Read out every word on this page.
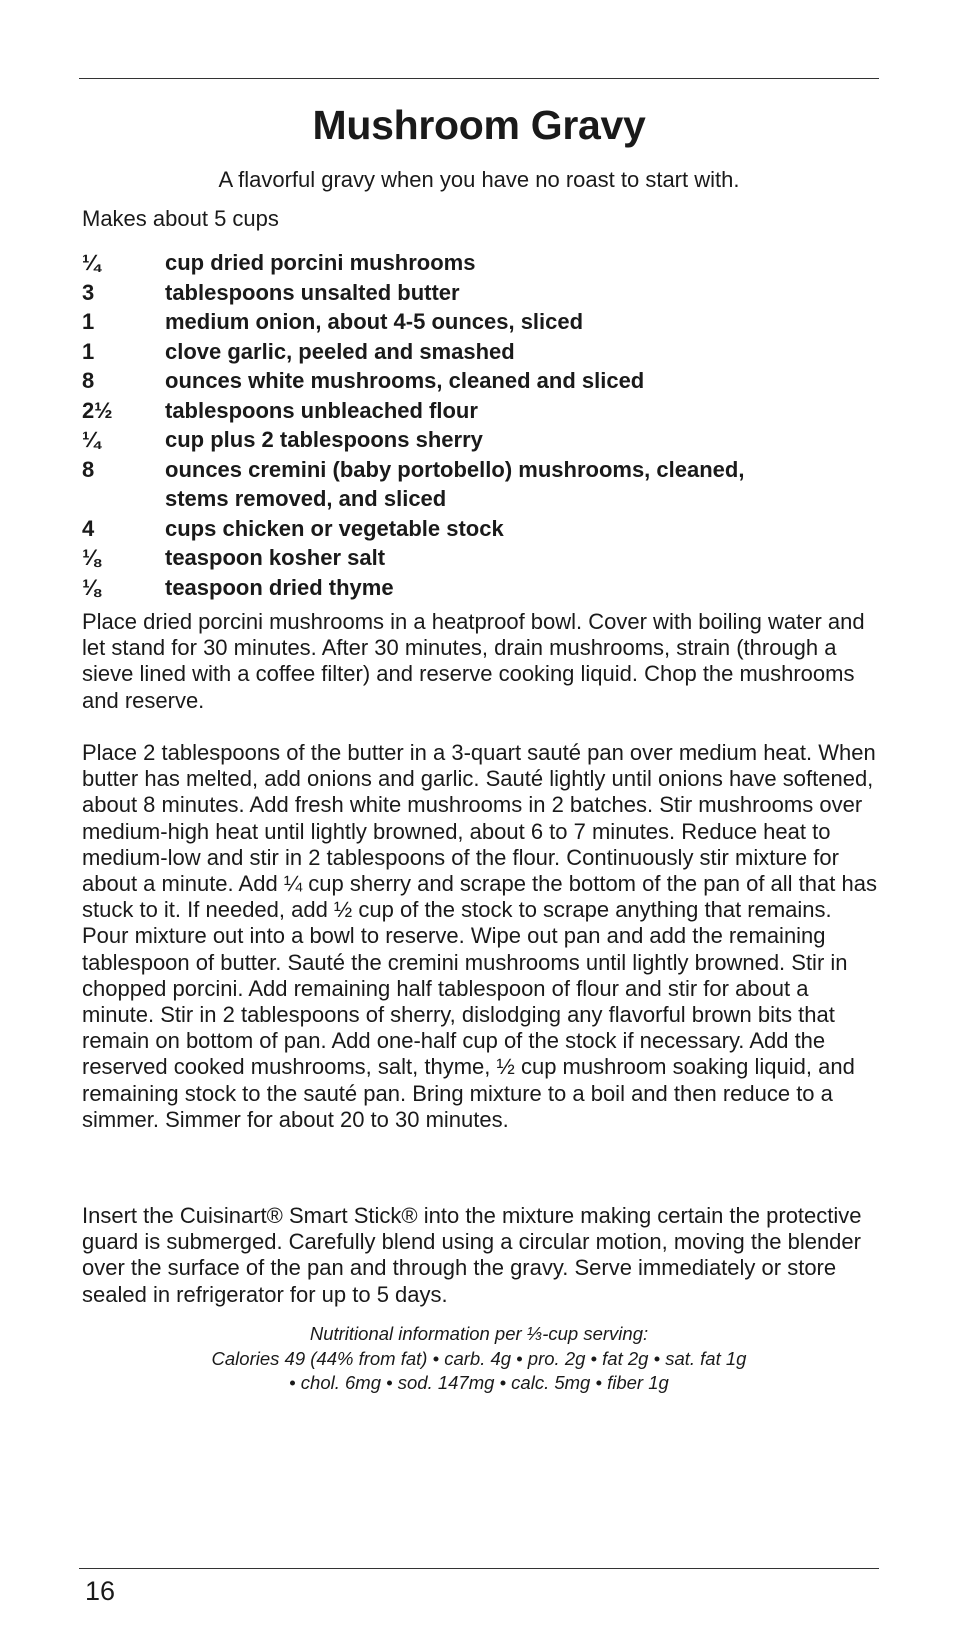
Mushroom Gravy
A flavorful gravy when you have no roast to start with.
Makes about 5 cups
¼	cup dried porcini mushrooms
3	tablespoons unsalted butter
1	medium onion, about 4-5 ounces, sliced
1	clove garlic, peeled and smashed
8	ounces white mushrooms, cleaned and sliced
2½	tablespoons unbleached flour
¼	cup plus 2 tablespoons sherry
8	ounces cremini (baby portobello) mushrooms, cleaned, stems removed, and sliced
4	cups chicken or vegetable stock
⅛	teaspoon kosher salt
⅛	teaspoon dried thyme

Place dried porcini mushrooms in a heatproof bowl. Cover with boiling water and let stand for 30 minutes. After 30 minutes, drain mushrooms, strain (through a sieve lined with a coffee filter) and reserve cooking liquid. Chop the mushrooms and reserve.

Place 2 tablespoons of the butter in a 3-quart sauté pan over medium heat. When butter has melted, add onions and garlic. Sauté lightly until onions have softened, about 8 minutes. Add fresh white mushrooms in 2 batches. Stir mushrooms over medium-high heat until lightly browned, about 6 to 7 minutes. Reduce heat to medium-low and stir in 2 tablespoons of the flour. Continuously stir mixture for about a minute. Add ¼ cup sherry and scrape the bottom of the pan of all that has stuck to it. If needed, add ½ cup of the stock to scrape anything that remains. Pour mixture out into a bowl to reserve. Wipe out pan and add the remaining tablespoon of butter. Sauté the cremini mushrooms until lightly browned. Stir in chopped porcini. Add remaining half tablespoon of flour and stir for about a minute. Stir in 2 tablespoons of sherry, dislodging any flavorful brown bits that remain on bottom of pan. Add one-half cup of the stock if necessary. Add the reserved cooked mushrooms, salt, thyme, ½ cup mushroom soaking liquid, and remaining stock to the sauté pan. Bring mixture to a boil and then reduce to a simmer. Simmer for about 20 to 30 minutes.

Insert the Cuisinart® Smart Stick® into the mixture making certain the protective guard is submerged. Carefully blend using a circular motion, moving the blender over the surface of the pan and through the gravy. Serve immediately or store sealed in refrigerator for up to 5 days.

Nutritional information per ⅓-cup serving:
Calories 49 (44% from fat) • carb. 4g • pro. 2g • fat 2g • sat. fat 1g
• chol. 6mg • sod. 147mg • calc. 5mg • fiber 1g
16
